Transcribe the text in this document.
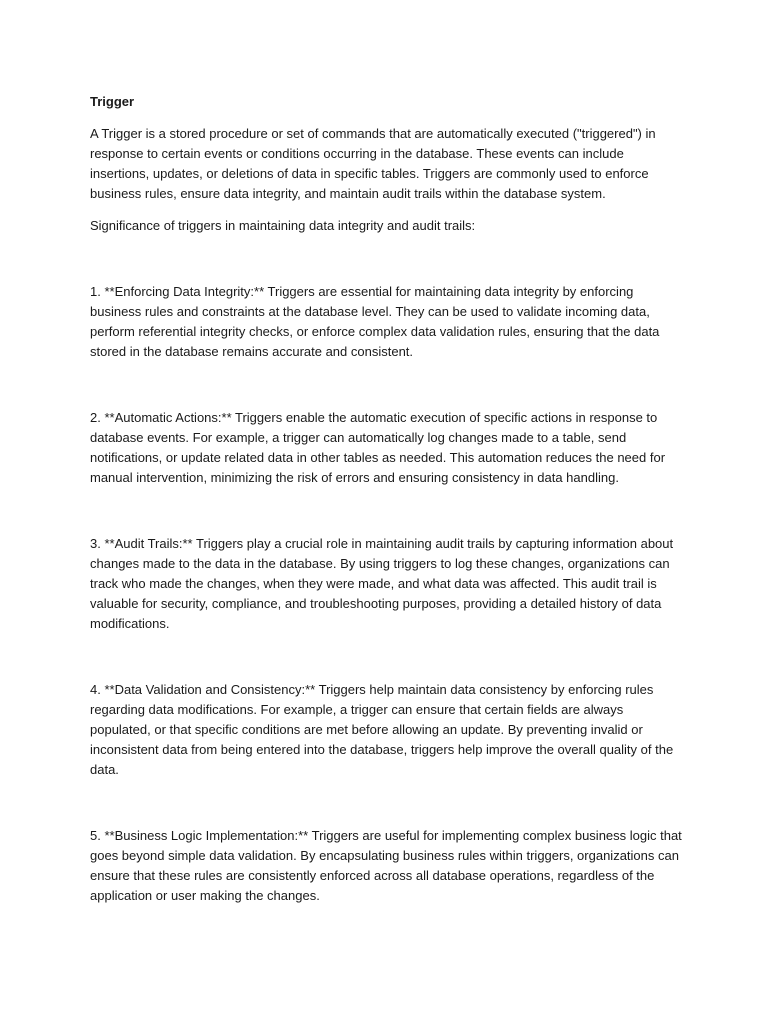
Trigger

A Trigger is a stored procedure or set of commands that are automatically executed ("triggered") in response to certain events or conditions occurring in the database. These events can include insertions, updates, or deletions of data in specific tables. Triggers are commonly used to enforce business rules, ensure data integrity, and maintain audit trails within the database system.

Significance of triggers in maintaining data integrity and audit trails:

1. **Enforcing Data Integrity:** Triggers are essential for maintaining data integrity by enforcing business rules and constraints at the database level. They can be used to validate incoming data, perform referential integrity checks, or enforce complex data validation rules, ensuring that the data stored in the database remains accurate and consistent.

2. **Automatic Actions:** Triggers enable the automatic execution of specific actions in response to database events. For example, a trigger can automatically log changes made to a table, send notifications, or update related data in other tables as needed. This automation reduces the need for manual intervention, minimizing the risk of errors and ensuring consistency in data handling.

3. **Audit Trails:** Triggers play a crucial role in maintaining audit trails by capturing information about changes made to the data in the database. By using triggers to log these changes, organizations can track who made the changes, when they were made, and what data was affected. This audit trail is valuable for security, compliance, and troubleshooting purposes, providing a detailed history of data modifications.

4. **Data Validation and Consistency:** Triggers help maintain data consistency by enforcing rules regarding data modifications. For example, a trigger can ensure that certain fields are always populated, or that specific conditions are met before allowing an update. By preventing invalid or inconsistent data from being entered into the database, triggers help improve the overall quality of the data.

5. **Business Logic Implementation:** Triggers are useful for implementing complex business logic that goes beyond simple data validation. By encapsulating business rules within triggers, organizations can ensure that these rules are consistently enforced across all database operations, regardless of the application or user making the changes.
